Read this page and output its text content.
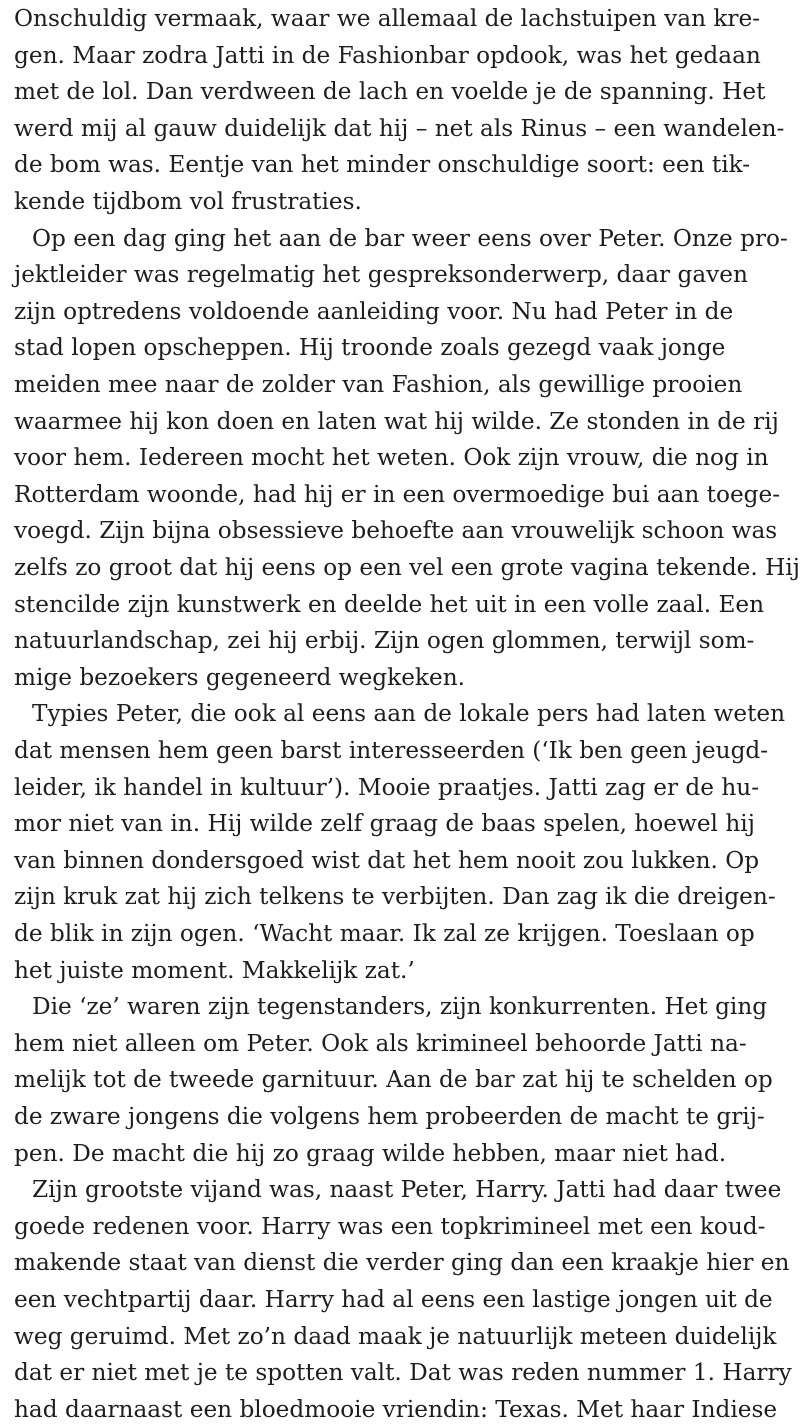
Onschuldig vermaak, waar we allemaal de lachstuipen van kre-
gen. Maar zodra Jatti in de Fashionbar opdook, was het gedaan
met de lol. Dan verdween de lach en voelde je de spanning. Het
werd mij al gauw duidelijk dat hij – net als Rinus – een wandelen-
de bom was. Eentje van het minder onschuldige soort: een tik-
kende tijdbom vol frustraties.
Op een dag ging het aan de bar weer eens over Peter. Onze pro-
jektleider was regelmatig het gespreksonderwerp, daar gaven
zijn optredens voldoende aanleiding voor. Nu had Peter in de
stad lopen opscheppen. Hij troonde zoals gezegd vaak jonge
meiden mee naar de zolder van Fashion, als gewillige prooien
waarmee hij kon doen en laten wat hij wilde. Ze stonden in de rij
voor hem. Iedereen mocht het weten. Ook zijn vrouw, die nog in
Rotterdam woonde, had hij er in een overmoedige bui aan toege-
voegd. Zijn bijna obsessieve behoefte aan vrouwelijk schoon was
zelfs zo groot dat hij eens op een vel een grote vagina tekende. Hij
stencilde zijn kunstwerk en deelde het uit in een volle zaal. Een
natuurlandschap, zei hij erbij. Zijn ogen glommen, terwijl som-
mige bezoekers gegeneerd wegkeken.
Typies Peter, die ook al eens aan de lokale pers had laten weten
dat mensen hem geen barst interesseerden (‘Ik ben geen jeugd-
leider, ik handel in kultuur’). Mooie praatjes. Jatti zag er de hu-
mor niet van in. Hij wilde zelf graag de baas spelen, hoewel hij
van binnen dondersgoed wist dat het hem nooit zou lukken. Op
zijn kruk zat hij zich telkens te verbijten. Dan zag ik die dreigen-
de blik in zijn ogen. ‘Wacht maar. Ik zal ze krijgen. Toeslaan op
het juiste moment. Makkelijk zat.’
Die ‘ze’ waren zijn tegenstanders, zijn konkurrenten. Het ging
hem niet alleen om Peter. Ook als krimineel behoorde Jatti na-
melijk tot de tweede garnituur. Aan de bar zat hij te schelden op
de zware jongens die volgens hem probeerden de macht te grij-
pen. De macht die hij zo graag wilde hebben, maar niet had.
Zijn grootste vijand was, naast Peter, Harry. Jatti had daar twee
goede redenen voor. Harry was een topkrimineel met een koud-
makende staat van dienst die verder ging dan een kraakje hier en
een vechtpartij daar. Harry had al eens een lastige jongen uit de
weg geruimd. Met zo’n daad maak je natuurlijk meteen duidelijk
dat er niet met je te spotten valt. Dat was reden nummer 1. Harry
had daarnaast een bloedmooie vriendin: Texas. Met haar Indiese
